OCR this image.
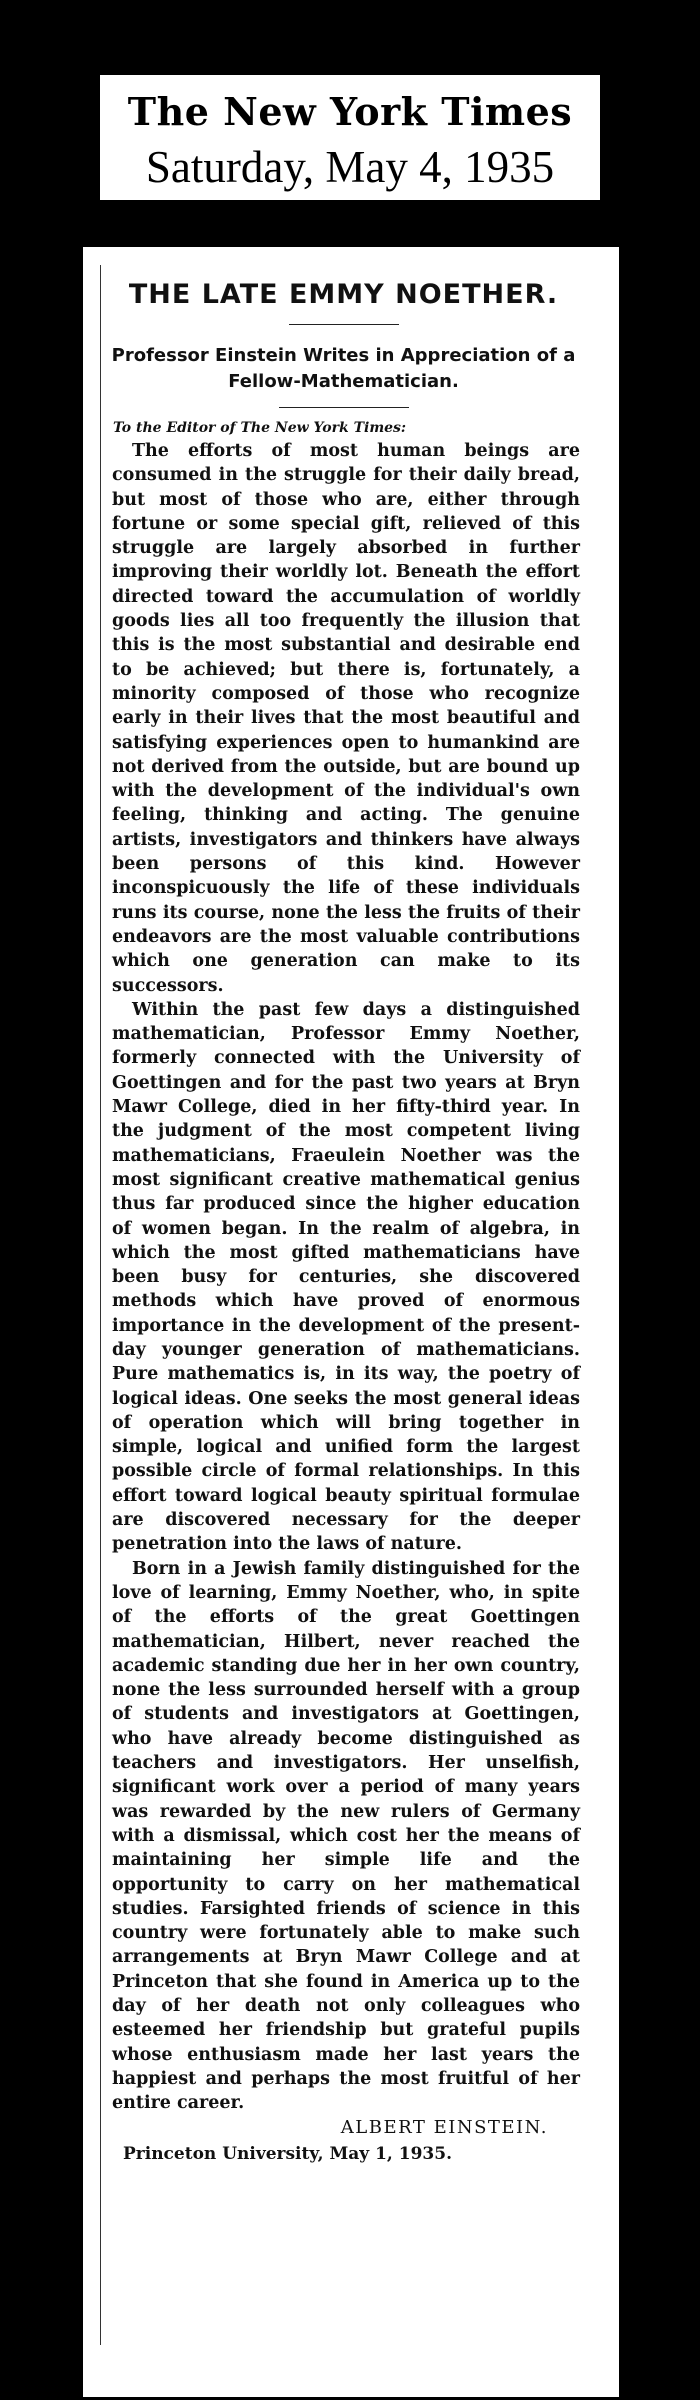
The New York Times
Saturday, May 4, 1935
THE LATE EMMY NOETHER.
Professor Einstein Writes in Appreciation of a Fellow-Mathematician.
To the Editor of The New York Times:

The efforts of most human beings are consumed in the struggle for their daily bread, but most of those who are, either through fortune or some special gift, relieved of this struggle are largely absorbed in further improving their worldly lot. Beneath the effort directed toward the accumulation of worldly goods lies all too frequently the illusion that this is the most substantial and desirable end to be achieved; but there is, fortunately, a minority composed of those who recognize early in their lives that the most beautiful and satisfying experiences open to humankind are not derived from the outside, but are bound up with the development of the individual's own feeling, thinking and acting. The genuine artists, investigators and thinkers have always been persons of this kind. However inconspicuously the life of these individuals runs its course, none the less the fruits of their endeavors are the most valuable contributions which one generation can make to its successors.

Within the past few days a distinguished mathematician, Professor Emmy Noether, formerly connected with the University of Goettingen and for the past two years at Bryn Mawr College, died in her fifty-third year. In the judgment of the most competent living mathematicians, Fraeulein Noether was the most significant creative mathematical genius thus far produced since the higher education of women began. In the realm of algebra, in which the most gifted mathematicians have been busy for centuries, she discovered methods which have proved of enormous importance in the development of the present-day younger generation of mathematicians. Pure mathematics is, in its way, the poetry of logical ideas. One seeks the most general ideas of operation which will bring together in simple, logical and unified form the largest possible circle of formal relationships. In this effort toward logical beauty spiritual formulae are discovered necessary for the deeper penetration into the laws of nature.

Born in a Jewish family distinguished for the love of learning, Emmy Noether, who, in spite of the efforts of the great Goettingen mathematician, Hilbert, never reached the academic standing due her in her own country, none the less surrounded herself with a group of students and investigators at Goettingen, who have already become distinguished as teachers and investigators. Her unselfish, significant work over a period of many years was rewarded by the new rulers of Germany with a dismissal, which cost her the means of maintaining her simple life and the opportunity to carry on her mathematical studies. Farsighted friends of science in this country were fortunately able to make such arrangements at Bryn Mawr College and at Princeton that she found in America up to the day of her death not only colleagues who esteemed her friendship but grateful pupils whose enthusiasm made her last years the happiest and perhaps the most fruitful of her entire career.

ALBERT EINSTEIN.
Princeton University, May 1, 1935.
